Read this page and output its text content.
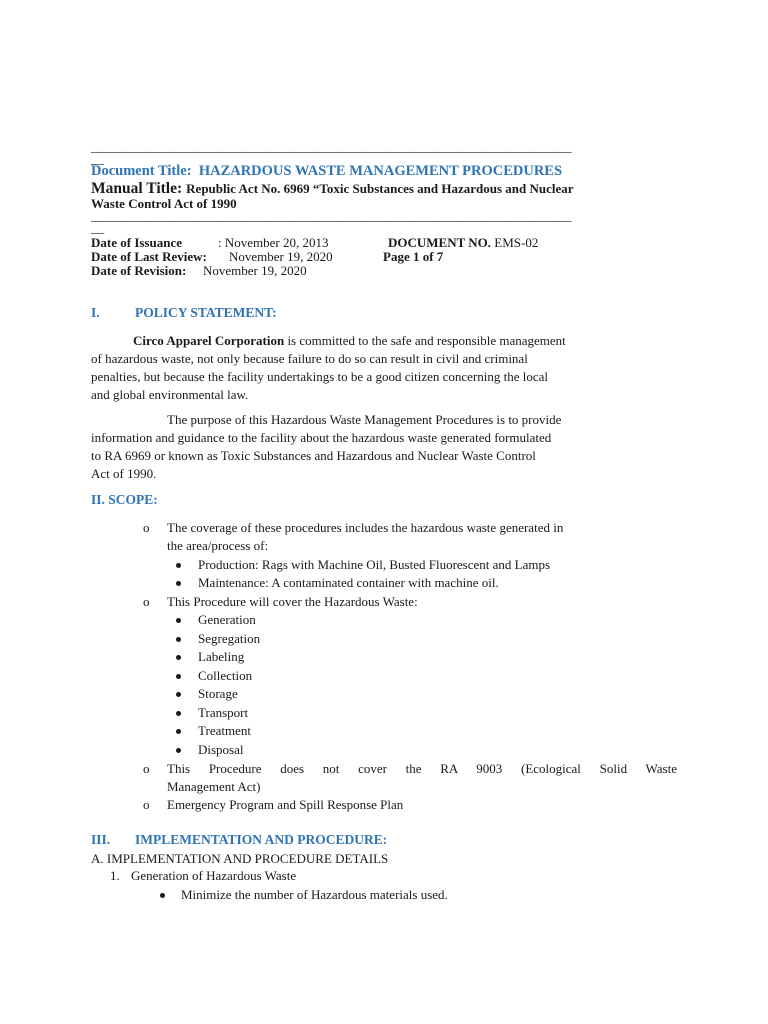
________________________________________________________________________________
__
Document Title: HAZARDOUS WASTE MANAGEMENT PROCEDURES
Manual Title: Republic Act No. 6969 “Toxic Substances and Hazardous and Nuclear
Waste Control Act of 1990
________________________________________________________________________________
__
Date of Issuance	: November 20, 2013	DOCUMENT NO. EMS-02
Date of Last Review: November 19, 2020	Page 1 of 7
Date of Revision: November 19, 2020
I.	POLICY STATEMENT:
Circo Apparel Corporation is committed to the safe and responsible management
of hazardous waste, not only because failure to do so can result in civil and criminal
penalties, but because the facility undertakings to be a good citizen concerning the local
and global environmental law.
The purpose of this Hazardous Waste Management Procedures is to provide
information and guidance to the facility about the hazardous waste generated formulated
to RA 6969 or known as Toxic Substances and Hazardous and Nuclear Waste Control
Act of 1990.
II. SCOPE:
o The coverage of these procedures includes the hazardous waste generated in
the area/process of:
Production: Rags with Machine Oil, Busted Fluorescent and Lamps
Maintenance: A contaminated container with machine oil.
o This Procedure will cover the Hazardous Waste:
Generation
Segregation
Labeling
Collection
Storage
Transport
Treatment
Disposal
o This Procedure does not cover the RA 9003 (Ecological Solid Waste
Management Act)
o Emergency Program and Spill Response Plan
III. IMPLEMENTATION AND PROCEDURE:
A. IMPLEMENTATION AND PROCEDURE DETAILS
1. Generation of Hazardous Waste
Minimize the number of Hazardous materials used.
